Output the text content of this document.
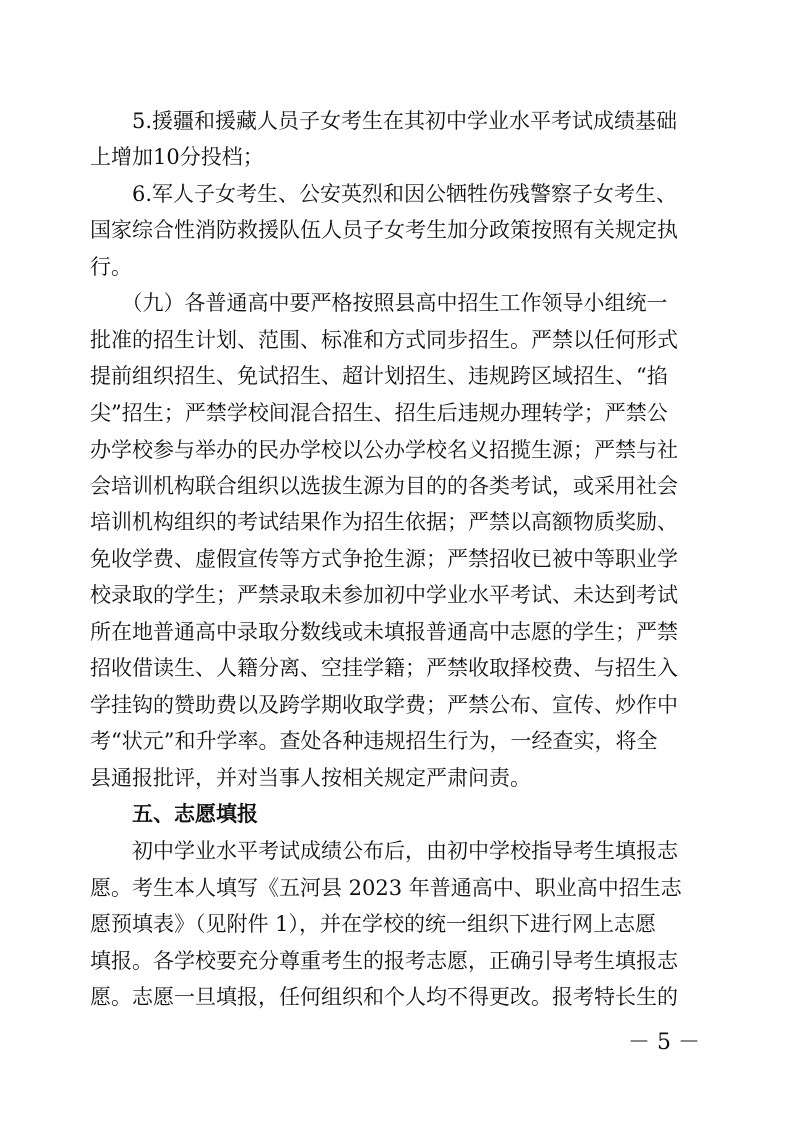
　　5.援疆和援藏人员子女考生在其初中学业水平考试成绩基础
上增加10分投档；
　　6.军人子女考生、公安英烈和因公牺牲伤残警察子女考生、
国家综合性消防救援队伍人员子女考生加分政策按照有关规定执
行。
　　（九）各普通高中要严格按照县高中招生工作领导小组统一
批准的招生计划、范围、标准和方式同步招生。严禁以任何形式
提前组织招生、免试招生、超计划招生、违规跨区域招生、“掐
尖”招生；严禁学校间混合招生、招生后违规办理转学；严禁公
办学校参与举办的民办学校以公办学校名义招揽生源；严禁与社
会培训机构联合组织以选拔生源为目的的各类考试，或采用社会
培训机构组织的考试结果作为招生依据；严禁以高额物质奖励、
免收学费、虚假宣传等方式争抢生源；严禁招收已被中等职业学
校录取的学生；严禁录取未参加初中学业水平考试、未达到考试
所在地普通高中录取分数线或未填报普通高中志愿的学生；严禁
招收借读生、人籍分离、空挂学籍；严禁收取择校费、与招生入
学挂钩的赞助费以及跨学期收取学费；严禁公布、宣传、炒作中
考“状元”和升学率。查处各种违规招生行为，一经查实，将全
县通报批评，并对当事人按相关规定严肃问责。
　　五、志愿填报
　　初中学业水平考试成绩公布后，由初中学校指导考生填报志
愿。考生本人填写《五河县 2023 年普通高中、职业高中招生志
愿预填表》（见附件 1），并在学校的统一组织下进行网上志愿
填报。各学校要充分尊重考生的报考志愿，正确引导考生填报志
愿。志愿一旦填报，任何组织和个人均不得更改。报考特长生的
－ 5 －
